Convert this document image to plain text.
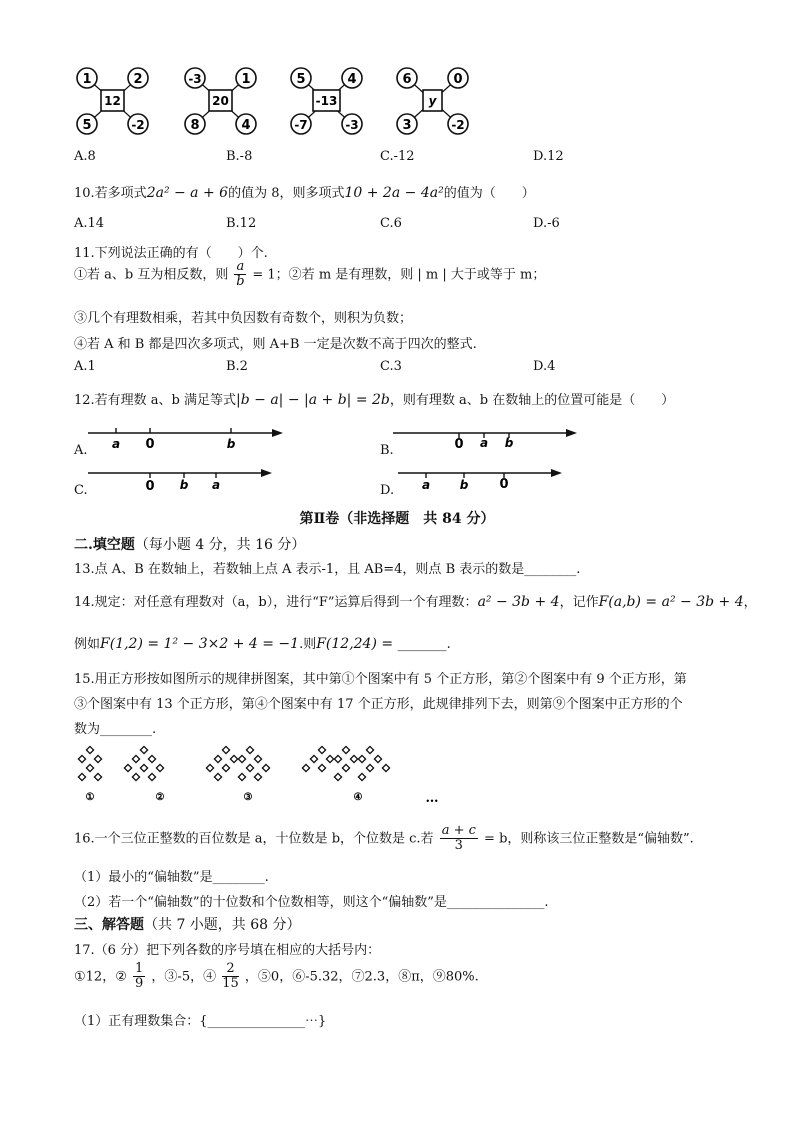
1	2
5	-2
12
-3	1
8	4
20
5	4
-7	-3
-13
6	0
3	-2
y
A.8	B.-8	C.-12	D.12
10.若多项式2a² − a + 6的值为 8，则多项式10 + 2a − 4a²的值为（　　）
A.14	B.12	C.6	D.-6
11.下列说法正确的有（　　）个.
①若 a、b 互为相反数，则 $\frac{a}{b} = 1$；②若 m 是有理数，则 | m | 大于或等于 m；
③几个有理数相乘，若其中负因数有奇数个，则积为负数；
④若 A 和 B 都是四次多项式，则 A+B 一定是次数不高于四次的整式.
A.1	B.2	C.3	D.4
12.若有理数 a、b 满足等式|b − a| − |a + b| = 2b，则有理数 a、b 在数轴上的位置可能是（　　）
A.	B.
C.	D.
a 0	b	0 a b
0 b a	a b 0
第Ⅱ卷（非选择题　共 84 分）
二.填空题（每小题 4 分，共 16 分）
13.点 A、B 在数轴上，若数轴上点 A 表示-1，且 AB=4，则点 B 表示的数是________.
14.规定：对任意有理数对（a，b），进行“F”运算后得到一个有理数：a² − 3b + 4，记作F(a,b) = a² − 3b + 4，
例如F(1,2) = 1² − 3×2 + 4 = −1.则F(12,24) = _______.
15.用正方形按如图所示的规律拼图案，其中第①个图案中有 5 个正方形，第②个图案中有 9 个正方形，第
③个图案中有 13 个正方形，第④个图案中有 17 个正方形，此规律排列下去，则第⑨个图案中正方形的个
数为________.
①	②	③	④	…
16.一个三位正整数的百位数是 a，十位数是 b，个位数是 c.若 $\frac{a + c}{3} = b$，则称该三位正整数是“偏轴数”.
（1）最小的“偏轴数”是________.
（2）若一个“偏轴数”的十位数和个位数相等，则这个“偏轴数”是_______________.
三、解答题（共 7 小题，共 68 分）
17.（6 分）把下列各数的序号填在相应的大括号内：
①12，② $\frac{1}{9}$ ，③-5，④ $\frac{2}{15}$ ，⑤0，⑥-5.32，⑦2.3，⑧π，⑨80%.
（1）正有理数集合：{_______________⋯}
